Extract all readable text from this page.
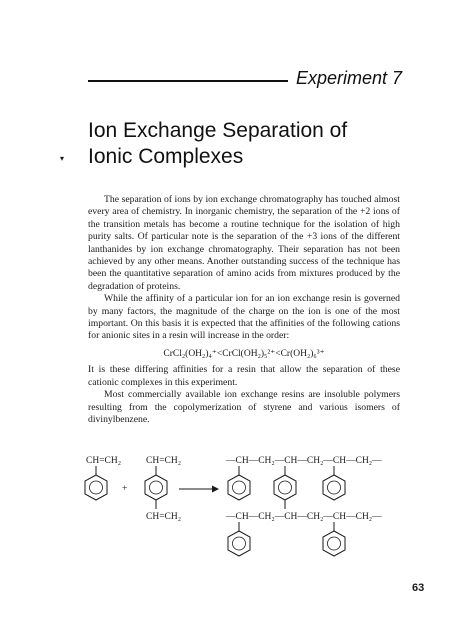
Experiment 7
Ion Exchange Separation of
Ionic Complexes
▾

The separation of ions by ion exchange chromatography has touched almost every area of chemistry. In inorganic chemistry, the separation of the +2 ions of the transition metals has become a routine technique for the isolation of high purity salts. Of particular note is the separation of the +3 ions of the different lanthanides by ion exchange chromatography. Their separation has not been achieved by any other means. Another outstanding success of the technique has been the quantitative separation of amino acids from mixtures produced by the degradation of proteins.

While the affinity of a particular ion for an ion exchange resin is governed by many factors, the magnitude of the charge on the ion is one of the most important. On this basis it is expected that the affinities of the following cations for anionic sites in a resin will increase in the order:

CrCl₂(OH₂)₄⁺<CrCl(OH₂)₅²⁺<Cr(OH₂)₆³⁺

It is these differing affinities for a resin that allow the separation of these cationic complexes in this experiment.

Most commercially available ion exchange resins are insoluble polymers resulting from the copolymerization of styrene and various isomers of divinylbenzene.

CH=CH₂
+
CH=CH₂
CH=CH₂
—CH—CH₂—CH—CH₂—CH—CH₂—
—CH—CH₂—CH—CH₂—CH—CH₂—
63
